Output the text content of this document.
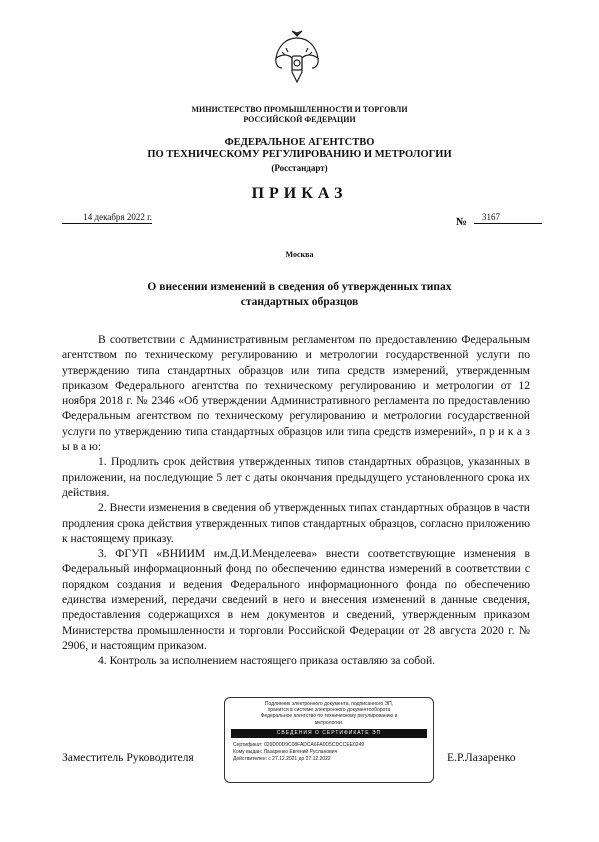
МИНИСТЕРСТВО ПРОМЫШЛЕННОСТИ И ТОРГОВЛИ
РОССИЙСКОЙ ФЕДЕРАЦИИ
ФЕДЕРАЛЬНОЕ АГЕНТСТВО
ПО ТЕХНИЧЕСКОМУ РЕГУЛИРОВАНИЮ И МЕТРОЛОГИИ
(Росстандарт)
ПРИКАЗ
14 декабря 2022 г.	№	3167
Москва
О внесении изменений в сведения об утвержденных типах
стандартных образцов

В соответствии с Административным регламентом по предоставлению Федеральным агентством по техническому регулированию и метрологии государственной услуги по утверждению типа стандартных образцов или типа средств измерений, утвержденным приказом Федерального агентства по техническому регулированию и метрологии от 12 ноября 2018 г. № 2346 «Об утверждении Административного регламента по предоставлению Федеральным агентством по техническому регулированию и метрологии государственной услуги по утверждению типа стандартных образцов или типа средств измерений», п р и к а з ы в а ю:

1. Продлить срок действия утвержденных типов стандартных образцов, указанных в приложении, на последующие 5 лет с даты окончания предыдущего установленного срока их действия.

2. Внести изменения в сведения об утвержденных типах стандартных образцов в части продления срока действия утвержденных типов стандартных образцов, согласно приложению к настоящему приказу.

3. ФГУП «ВНИИМ им.Д.И.Менделеева» внести соответствующие изменения в Федеральный информационный фонд по обеспечению единства измерений в соответствии с порядком создания и ведения Федерального информационного фонда по обеспечению единства измерений, передачи сведений в него и внесения изменений в данные сведения, предоставления содержащихся в нем документов и сведений, утвержденным приказом Министерства промышленности и торговли Российской Федерации от 28 августа 2020 г. № 2906, и настоящим приказом.

4. Контроль за исполнением настоящего приказа оставляю за собой.

Заместитель Руководителя	Е.Р.Лазаренко
Подлинник электронного документа, подписанного ЭП,
хранится в системе электронного документооборота
Федеральное агентство по техническому регулированию и
метрологии.
СВЕДЕНИЯ О СЕРТИФИКАТЕ ЭП
Сертификат: 029D00D9C08FADCA6FA0D5CDCCEE0249
Кому выдан: Лазаренко Евгений Русланович
Действителен: с 27.12.2021 до 27.12.2022
